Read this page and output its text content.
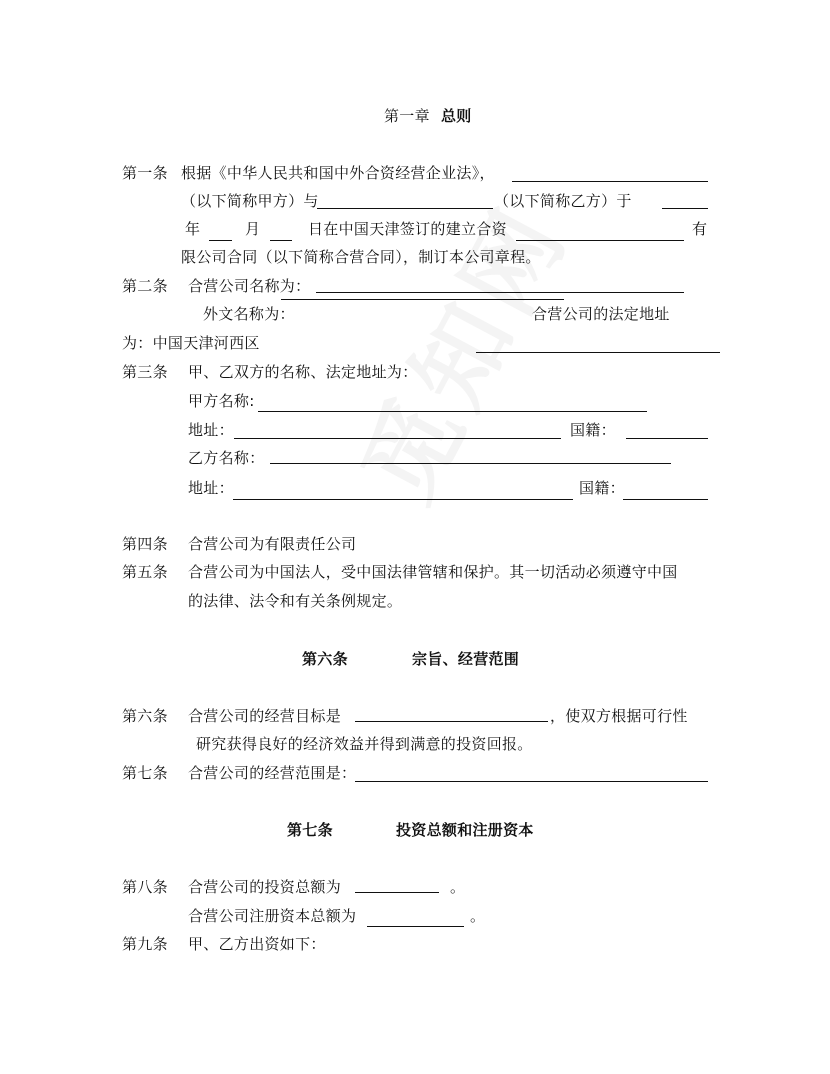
第一章 总则
第一条 根据《中华人民共和国中外合资经营企业法》，
（以下简称甲方）与	（以下简称乙方）于
年	月	日在中国天津签订的建立合资	有
限公司合同（以下简称合营合同），制订本公司章程。
第二条 合营公司名称为：
外文名称为：	合营公司的法定地址
为：中国天津河西区
第三条 甲、乙双方的名称、法定地址为：
甲方名称:
地址：	国籍：
乙方名称：
地址：	国籍：
第四条 合营公司为有限责任公司
第五条 合营公司为中国法人，受中国法律管辖和保护。其一切活动必须遵守中国
的法律、法令和有关条例规定。
第六条	宗旨、经营范围
第六条 合营公司的经营目标是	，使双方根据可行性
研究获得良好的经济效益并得到满意的投资回报。
第七条 合营公司的经营范围是：
第七条	投资总额和注册资本
第八条 合营公司的投资总额为	。
合营公司注册资本总额为	。
第九条 甲、乙方出资如下：
